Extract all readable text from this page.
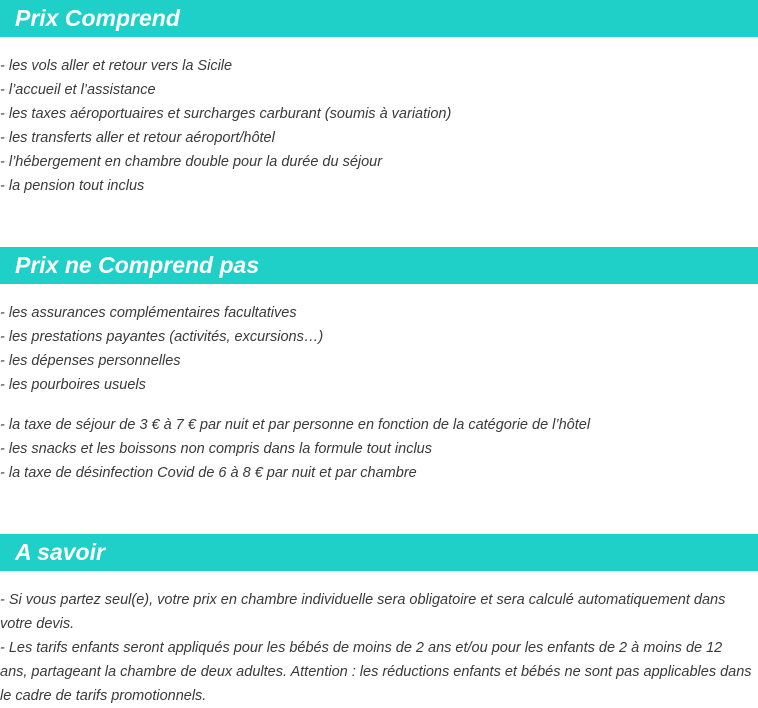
Prix Comprend
- les vols aller et retour vers la Sicile
- l’accueil et l’assistance
- les taxes aéroportuaires et surcharges carburant (soumis à variation)
- les transferts aller et retour aéroport/hôtel
- l’hébergement en chambre double pour la durée du séjour
- la pension tout inclus
Prix ne Comprend pas
- les assurances complémentaires facultatives
- les prestations payantes (activités, excursions…)
- les dépenses personnelles
- les pourboires usuels
- la taxe de séjour de 3 € à 7 € par nuit et par personne en fonction de la catégorie de l’hôtel
- les snacks et les boissons non compris dans la formule tout inclus
- la taxe de désinfection Covid de 6 à 8 € par nuit et par chambre
A savoir
- Si vous partez seul(e), votre prix en chambre individuelle sera obligatoire et sera calculé automatiquement dans votre devis.
- Les tarifs enfants seront appliqués pour les bébés de moins de 2 ans et/ou pour les enfants de 2 à moins de 12 ans, partageant la chambre de deux adultes. Attention : les réductions enfants et bébés ne sont pas applicables dans le cadre de tarifs promotionnels.
